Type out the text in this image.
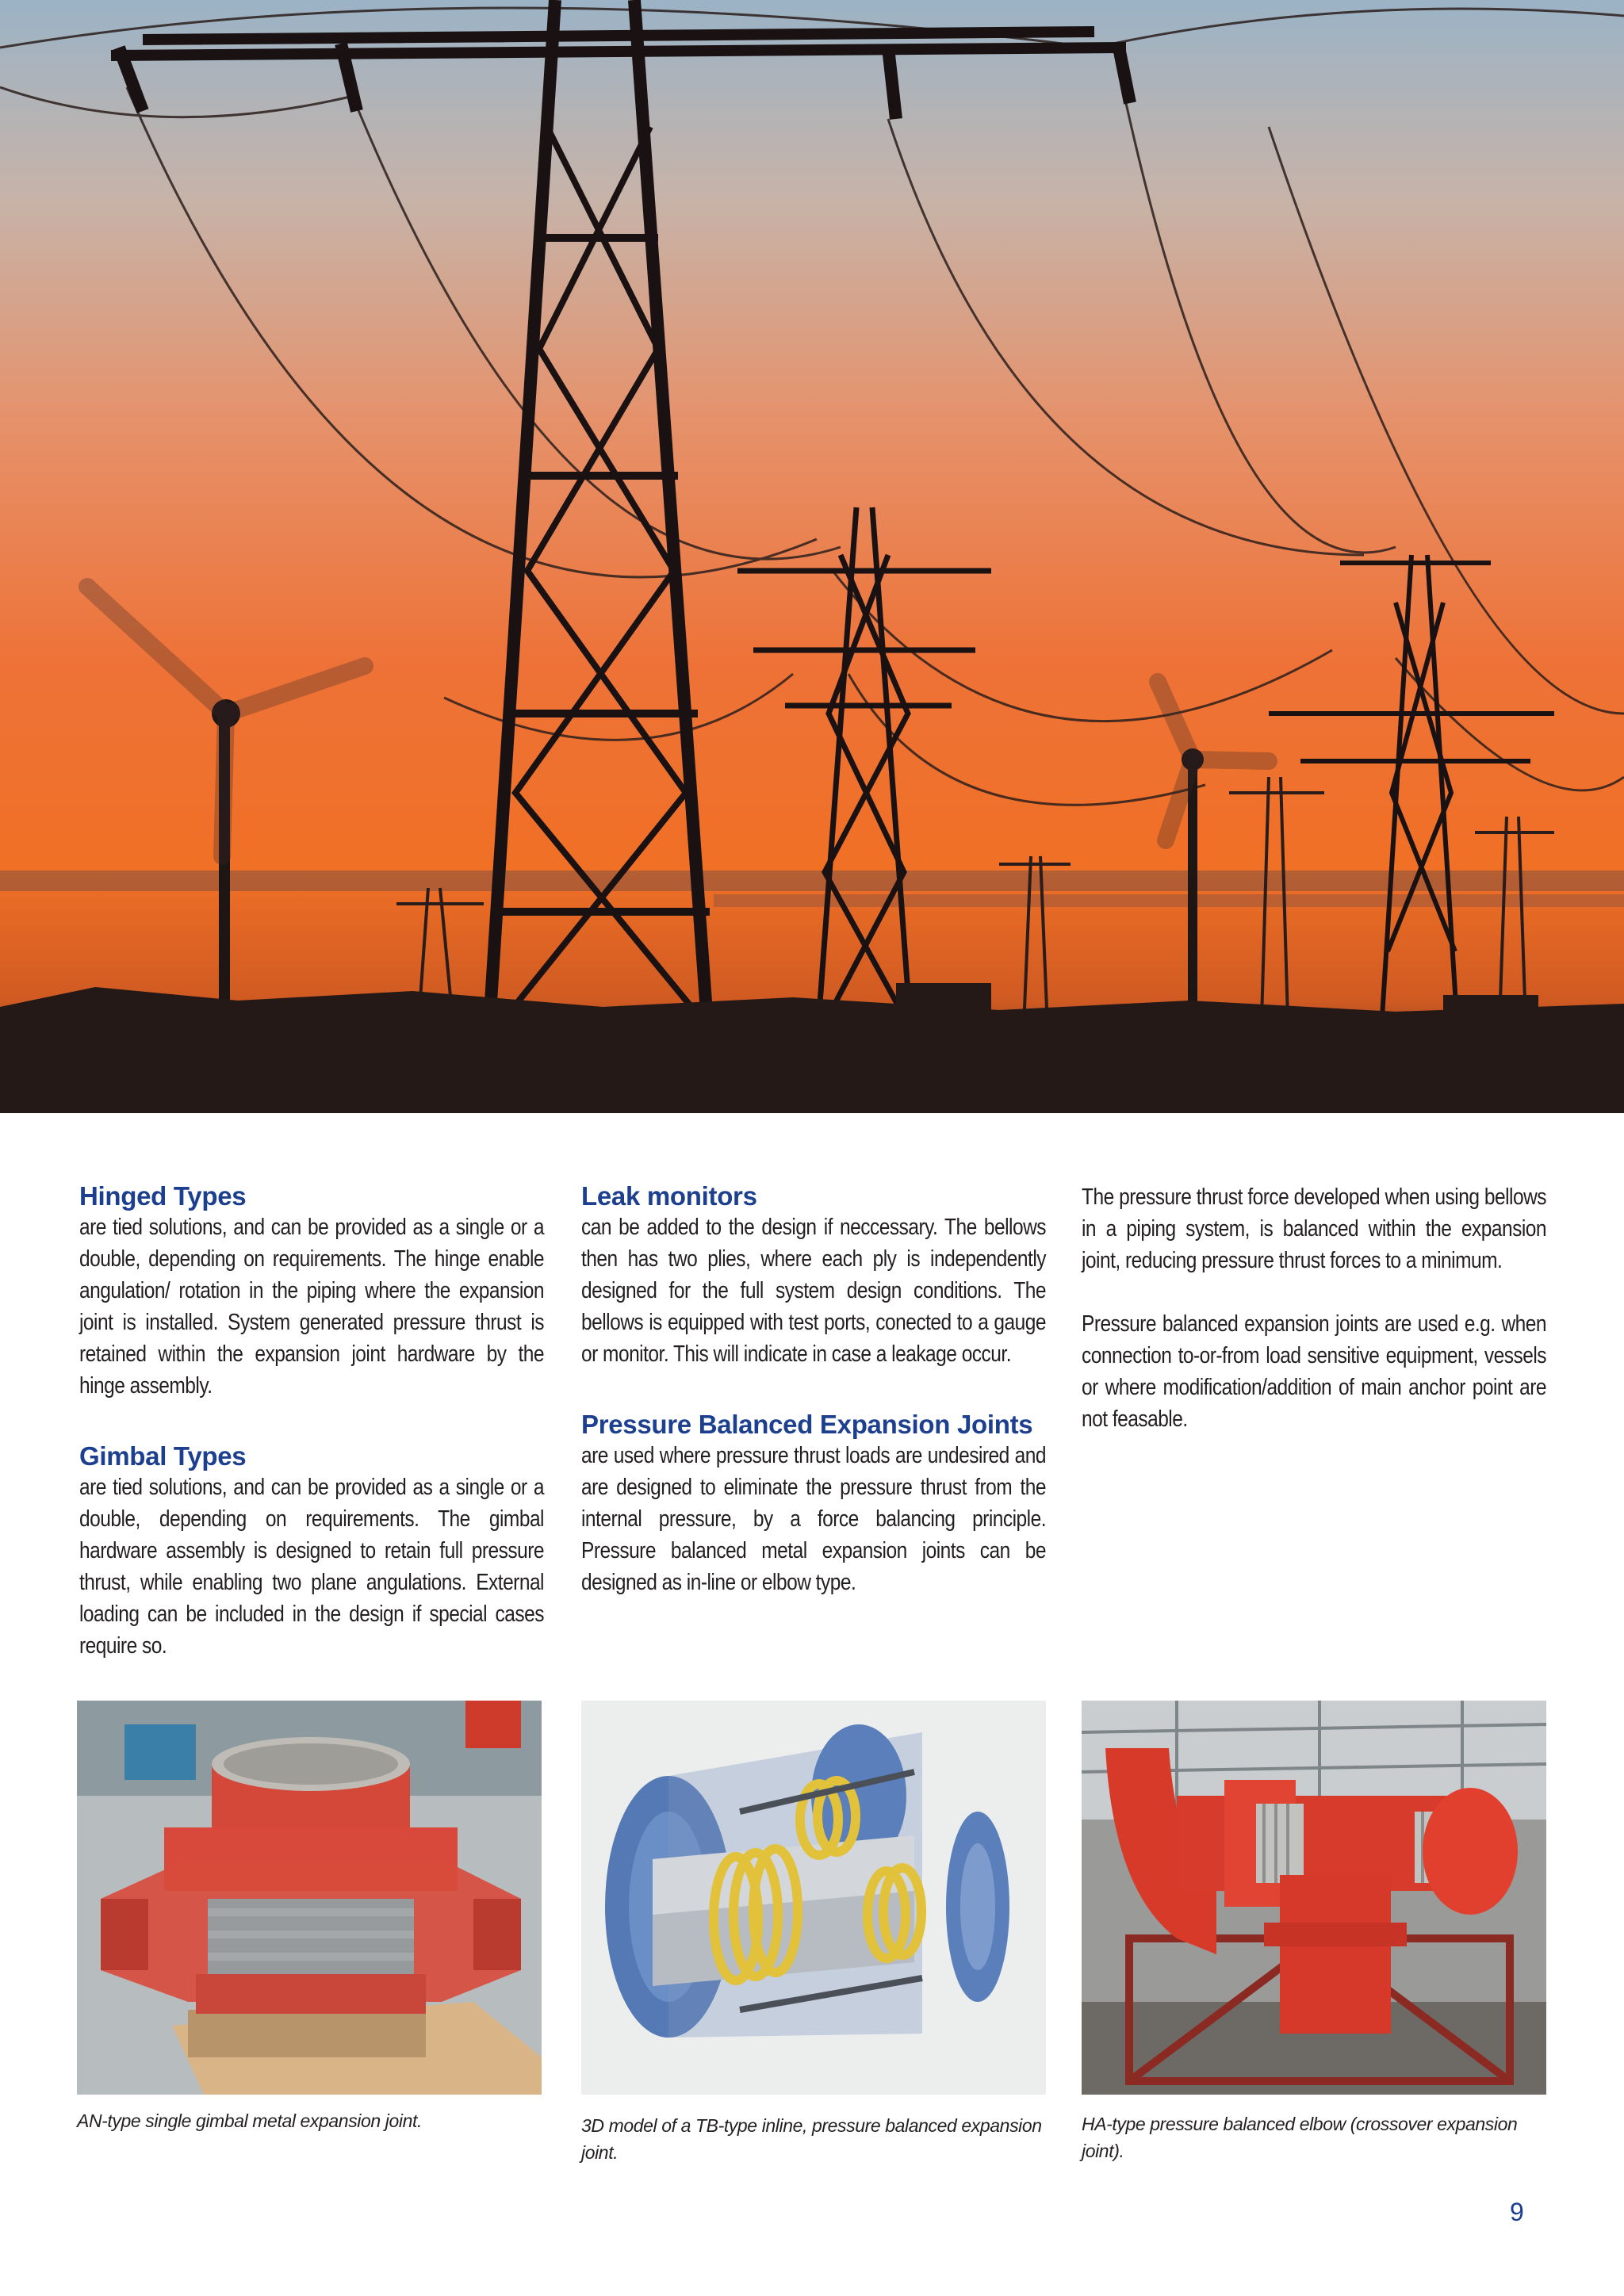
Hinged Types

are tied solutions, and can be provided as a single or a double, depending on requirements. The hinge enable angulation/ rotation in the piping where the expansion joint is installed. System generated pressure thrust is retained within the expansion joint hardware by the hinge assembly.

Gimbal Types

are tied solutions, and can be provided as a single or a double, depending on requirements. The gimbal hardware assembly is designed to retain full pressure thrust, while enabling two plane angulations. External loading can be included in the design if special cases require so.

Leak monitors

can be added to the design if neccessary. The bellows then has two plies, where each ply is independently designed for the full system design conditions. The bellows is equipped with test ports, conected to a gauge or monitor. This will indicate in case a leakage occur.

Pressure Balanced Expansion Joints

are used where pressure thrust loads are undesired and are designed to eliminate the pressure thrust from the internal pressure, by a force balancing principle. Pressure balanced metal expansion joints can be designed as in-line or elbow type.

The pressure thrust force developed when using bellows in a piping system, is balanced within the expansion joint, reducing pressure thrust forces to a minimum.

Pressure balanced expansion joints are used e.g. when connection to-or-from load sensitive equipment, vessels or where modification/addition of main anchor point are not feasable.

AN-type single gimbal metal expansion joint.	3D model of a TB-type inline, pressure balanced expansion joint.
HA-type pressure balanced elbow (crossover expansion joint).
9
